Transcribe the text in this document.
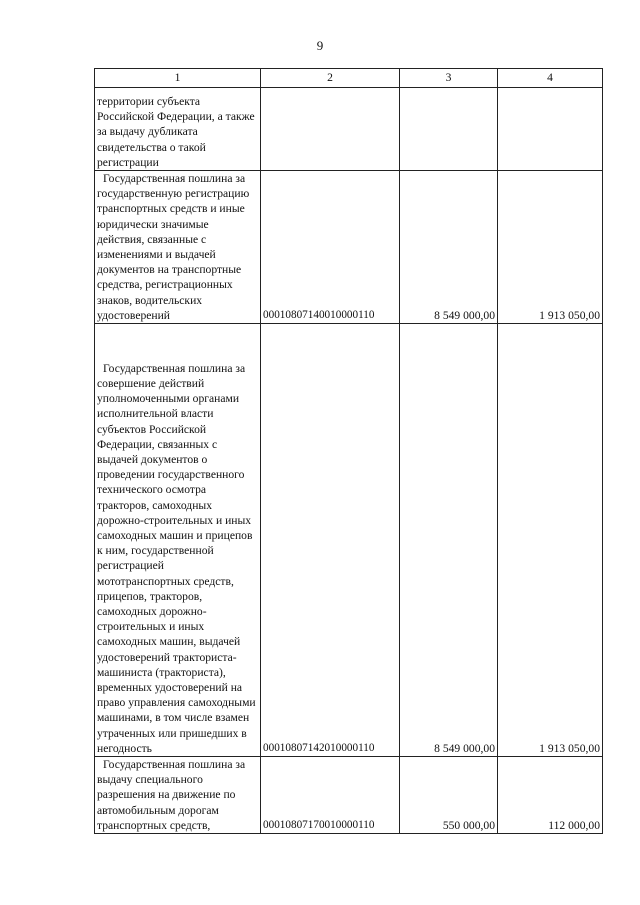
9
1	2	3	4
территории субъекта Российской Федерации, а также за выдачу дубликата свидетельства о такой регистрации			
Государственная пошлина за государственную регистрацию транспортных средств и иные юридически значимые действия, связанные с изменениями и выдачей документов на транспортные средства, регистрационных знаков, водительских удостоверений	00010807140010000110	8 549 000,00	1 913 050,00
Государственная пошлина за совершение действий уполномоченными органами исполнительной власти субъектов Российской Федерации, связанных с выдачей документов о проведении государственного технического осмотра тракторов, самоходных дорожно-строительных и иных самоходных машин и прицепов к ним, государственной регистрацией мототранспортных средств, прицепов, тракторов, самоходных дорожно-строительных и иных самоходных машин, выдачей удостоверений тракториста-машиниста (тракториста), временных удостоверений на право управления самоходными машинами, в том числе взамен утраченных или пришедших в негодность	00010807142010000110	8 549 000,00	1 913 050,00
Государственная пошлина за выдачу специального разрешения на движение по автомобильным дорогам транспортных средств,	00010807170010000110	550 000,00	112 000,00
